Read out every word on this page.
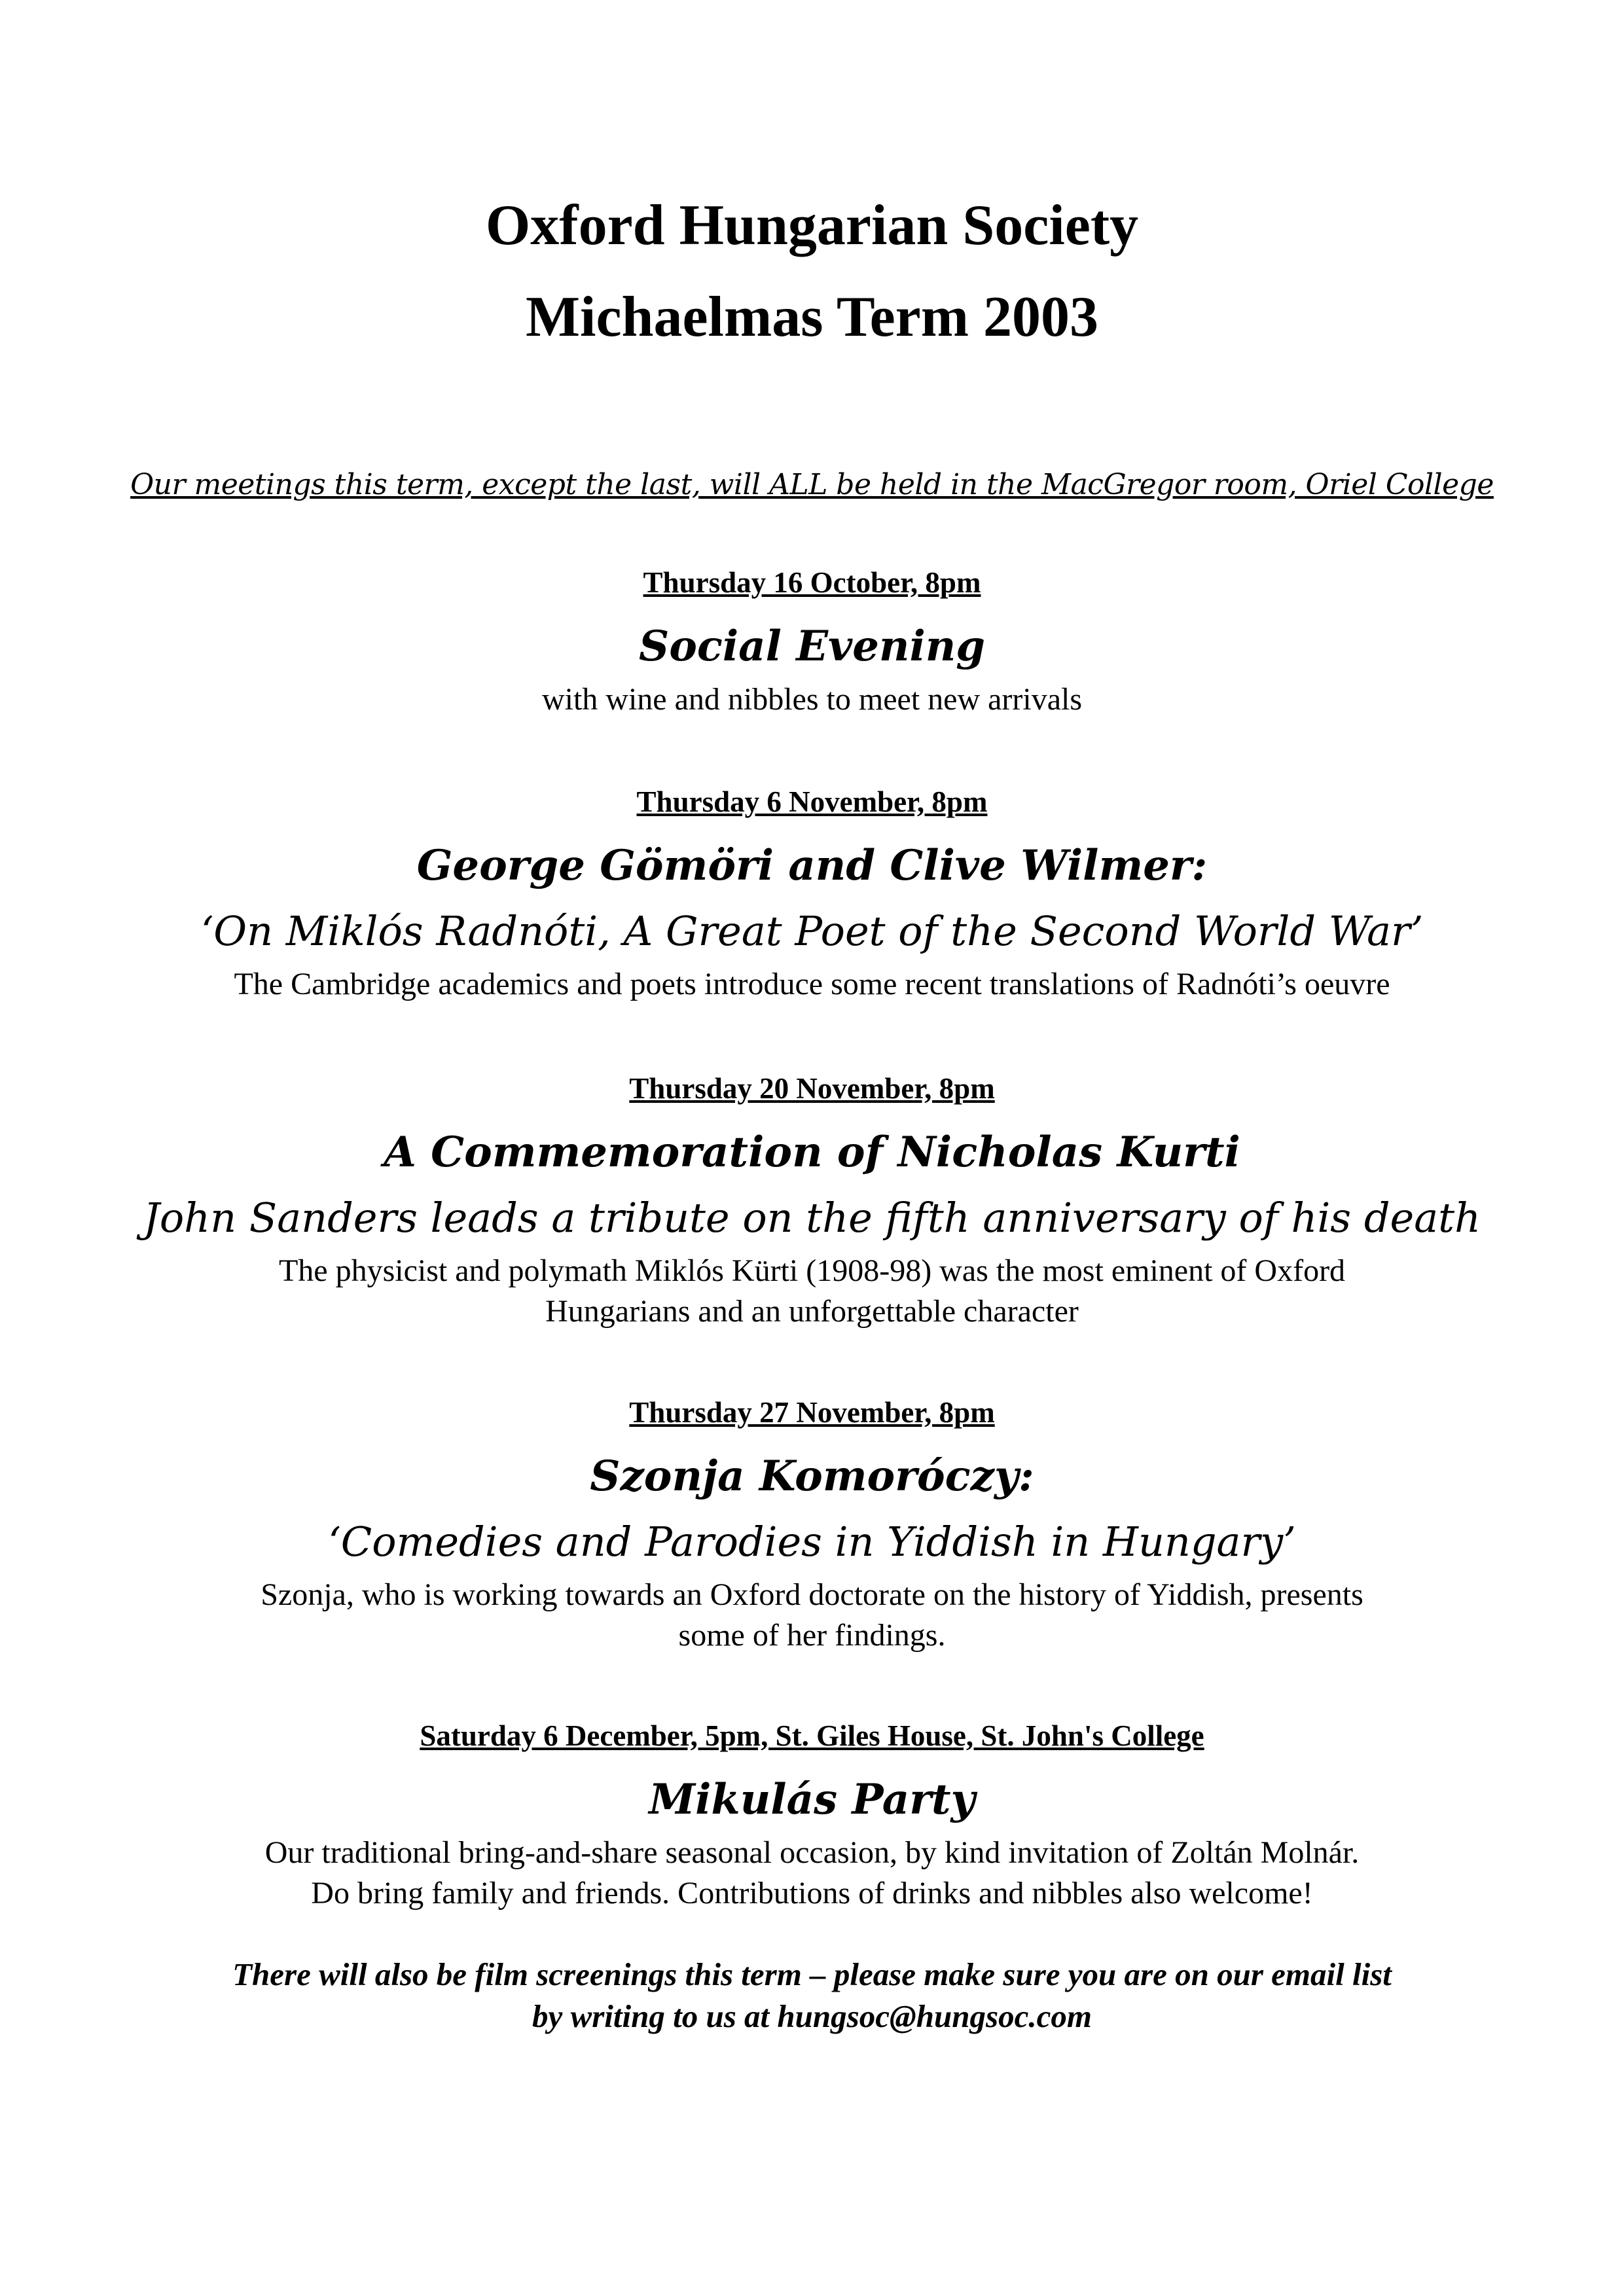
Oxford Hungarian Society
Michaelmas Term 2003
Our meetings this term, except the last, will ALL be held in the MacGregor room, Oriel College
Thursday 16 October, 8pm
Social Evening
with wine and nibbles to meet new arrivals
Thursday 6 November, 8pm
George Gömöri and Clive Wilmer:
‘On Miklós Radnóti, A Great Poet of the Second World War’
The Cambridge academics and poets introduce some recent translations of Radnóti’s oeuvre
Thursday 20 November, 8pm
A Commemoration of Nicholas Kurti
John Sanders leads a tribute on the fifth anniversary of his death
The physicist and polymath Miklós Kürti (1908-98) was the most eminent of Oxford
Hungarians and an unforgettable character
Thursday 27 November, 8pm
Szonja Komoróczy:
‘Comedies and Parodies in Yiddish in Hungary’
Szonja, who is working towards an Oxford doctorate on the history of Yiddish, presents
some of her findings.
Saturday 6 December, 5pm, St. Giles House, St. John's College
Mikulás Party
Our traditional bring-and-share seasonal occasion, by kind invitation of Zoltán Molnár.
Do bring family and friends. Contributions of drinks and nibbles also welcome!
There will also be film screenings this term – please make sure you are on our email list
by writing to us at hungsoc@hungsoc.com
